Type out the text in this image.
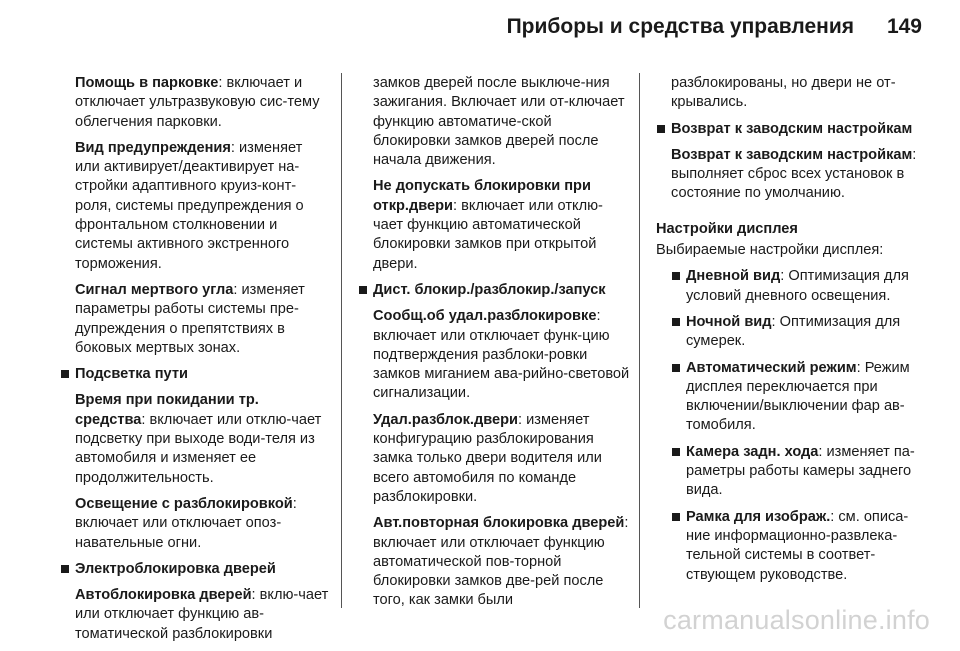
Приборы и средства управления 149

Помощь в парковке: включает и отключает ультразвуковую сис-тему облегчения парковки.

Вид предупреждения: изменяет или активирует/деактивирует на-стройки адаптивного круиз-конт-роля, системы предупреждения о фронтальном столкновении и системы активного экстренного торможения.

Сигнал мертвого угла: изменяет параметры работы системы пре-дупреждения о препятствиях в боковых мертвых зонах.

Подсветка пути

Время при покидании тр. средства: включает или отклю-чает подсветку при выходе води-теля из автомобиля и изменяет ее продолжительность.

Освещение с разблокировкой: включает или отключает опоз-навательные огни.

Электроблокировка дверей

Автоблокировка дверей: вклю-чает или отключает функцию ав-томатической разблокировки

замков дверей после выключе-ния зажигания. Включает или от-ключает функцию автоматиче-ской блокировки замков дверей после начала движения.

Не допускать блокировки при откр.двери: включает или отклю-чает функцию автоматической блокировки замков при открытой двери.

Дист. блокир./разблокир./запуск

Сообщ.об удал.разблокировке: включает или отключает функ-цию подтверждения разблоки-ровки замков миганием ава-рийно-световой сигнализации.

Удал.разблок.двери: изменяет конфигурацию разблокирования замка только двери водителя или всего автомобиля по команде разблокировки.

Авт.повторная блокировка дверей: включает или отключает функцию автоматической пов-торной блокировки замков две-рей после того, как замки были

разблокированы, но двери не от-крывались.

Возврат к заводским настройкам

Возврат к заводским настройкам: выполняет сброс всех установок в состояние по умолчанию.

Настройки дисплея

Выбираемые настройки дисплея:

Дневной вид: Оптимизация для условий дневного освещения.
Ночной вид: Оптимизация для сумерек.
Автоматический режим: Режим дисплея переключается при включении/выключении фар ав-томобиля.
Камера задн. хода: изменяет па-раметры работы камеры заднего вида.
Рамка для изображ.: см. описа-ние информационно-развлека-тельной системы в соответ-ствующем руководстве.
carmanualsonline.info
